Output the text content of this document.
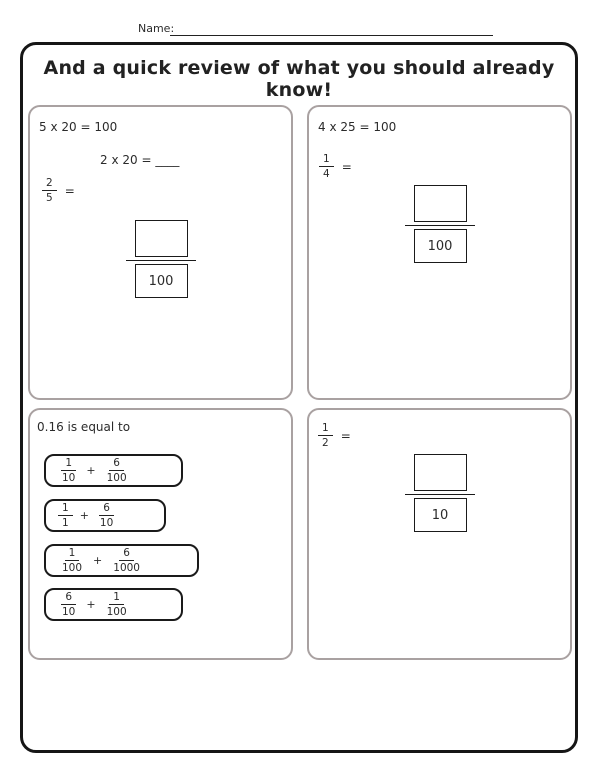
Name:
And a quick review of what you should already know!
5 x 20 = 100
2 x 20 = ____
$\frac{2}{5}$ =
100
4 x 25 = 100
$\frac{1}{4}$ =
100
0.16 is equal to
$\frac{1}{10} + \frac{6}{100}$
$\frac{1}{1} + \frac{6}{10}$
$\frac{1}{100} + \frac{6}{1000}$
$\frac{6}{10} + \frac{1}{100}$
$\frac{1}{2}$ =
10
